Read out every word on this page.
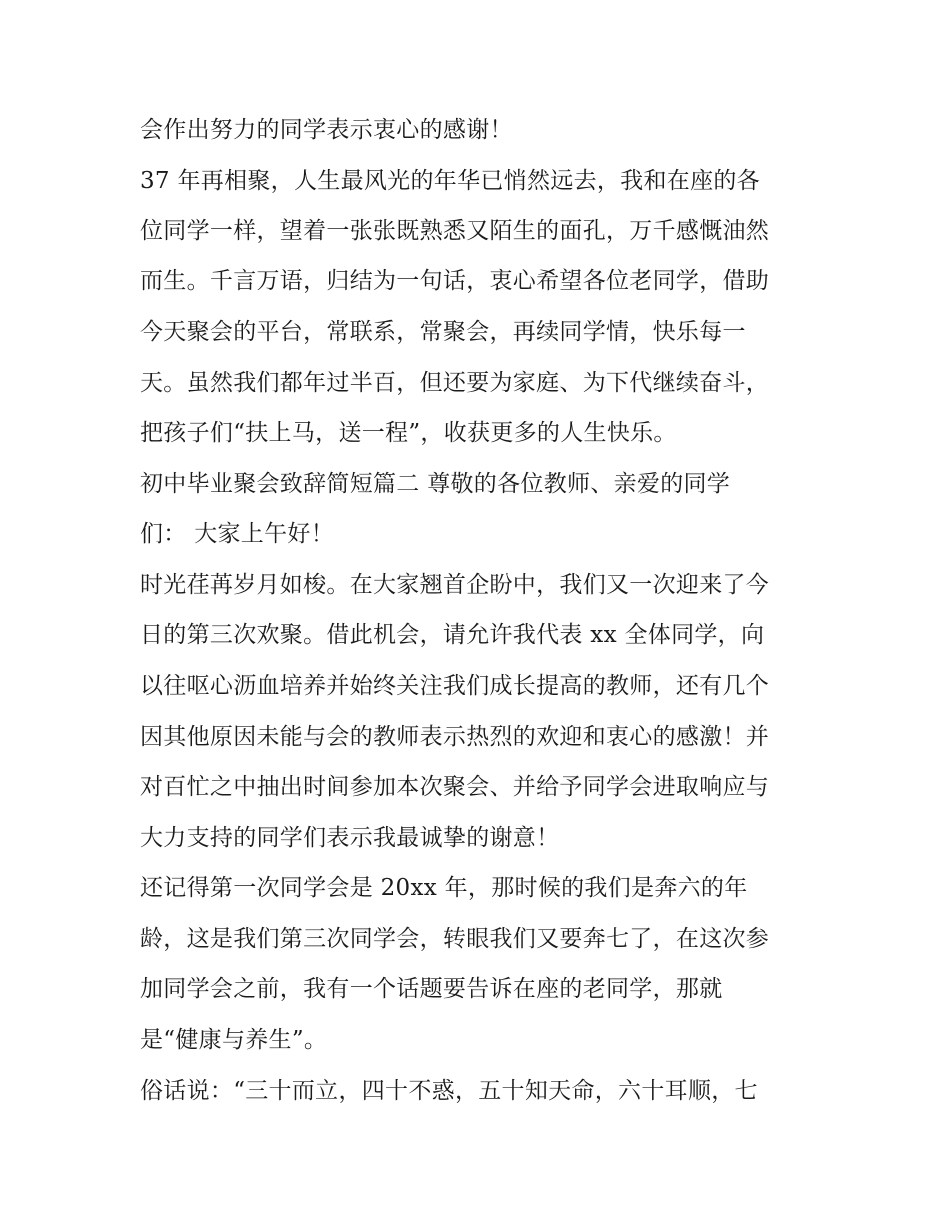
会作出努力的同学表示衷心的感谢！
37 年再相聚，人生最风光的年华已悄然远去，我和在座的各
位同学一样，望着一张张既熟悉又陌生的面孔，万千感慨油然
而生。千言万语，归结为一句话，衷心希望各位老同学，借助
今天聚会的平台，常联系，常聚会，再续同学情，快乐每一
天。虽然我们都年过半百，但还要为家庭、为下代继续奋斗，
把孩子们“扶上马，送一程”，收获更多的人生快乐。
初中毕业聚会致辞简短篇二 尊敬的各位教师、亲爱的同学
们： 大家上午好！
时光荏苒岁月如梭。在大家翘首企盼中，我们又一次迎来了今
日的第三次欢聚。借此机会，请允许我代表 xx 全体同学，向
以往呕心沥血培养并始终关注我们成长提高的教师，还有几个
因其他原因未能与会的教师表示热烈的欢迎和衷心的感激！并
对百忙之中抽出时间参加本次聚会、并给予同学会进取响应与
大力支持的同学们表示我最诚挚的谢意！
还记得第一次同学会是 20xx 年，那时候的我们是奔六的年
龄，这是我们第三次同学会，转眼我们又要奔七了，在这次参
加同学会之前，我有一个话题要告诉在座的老同学，那就
是“健康与养生”。
俗话说：“三十而立，四十不惑，五十知天命，六十耳顺，七
